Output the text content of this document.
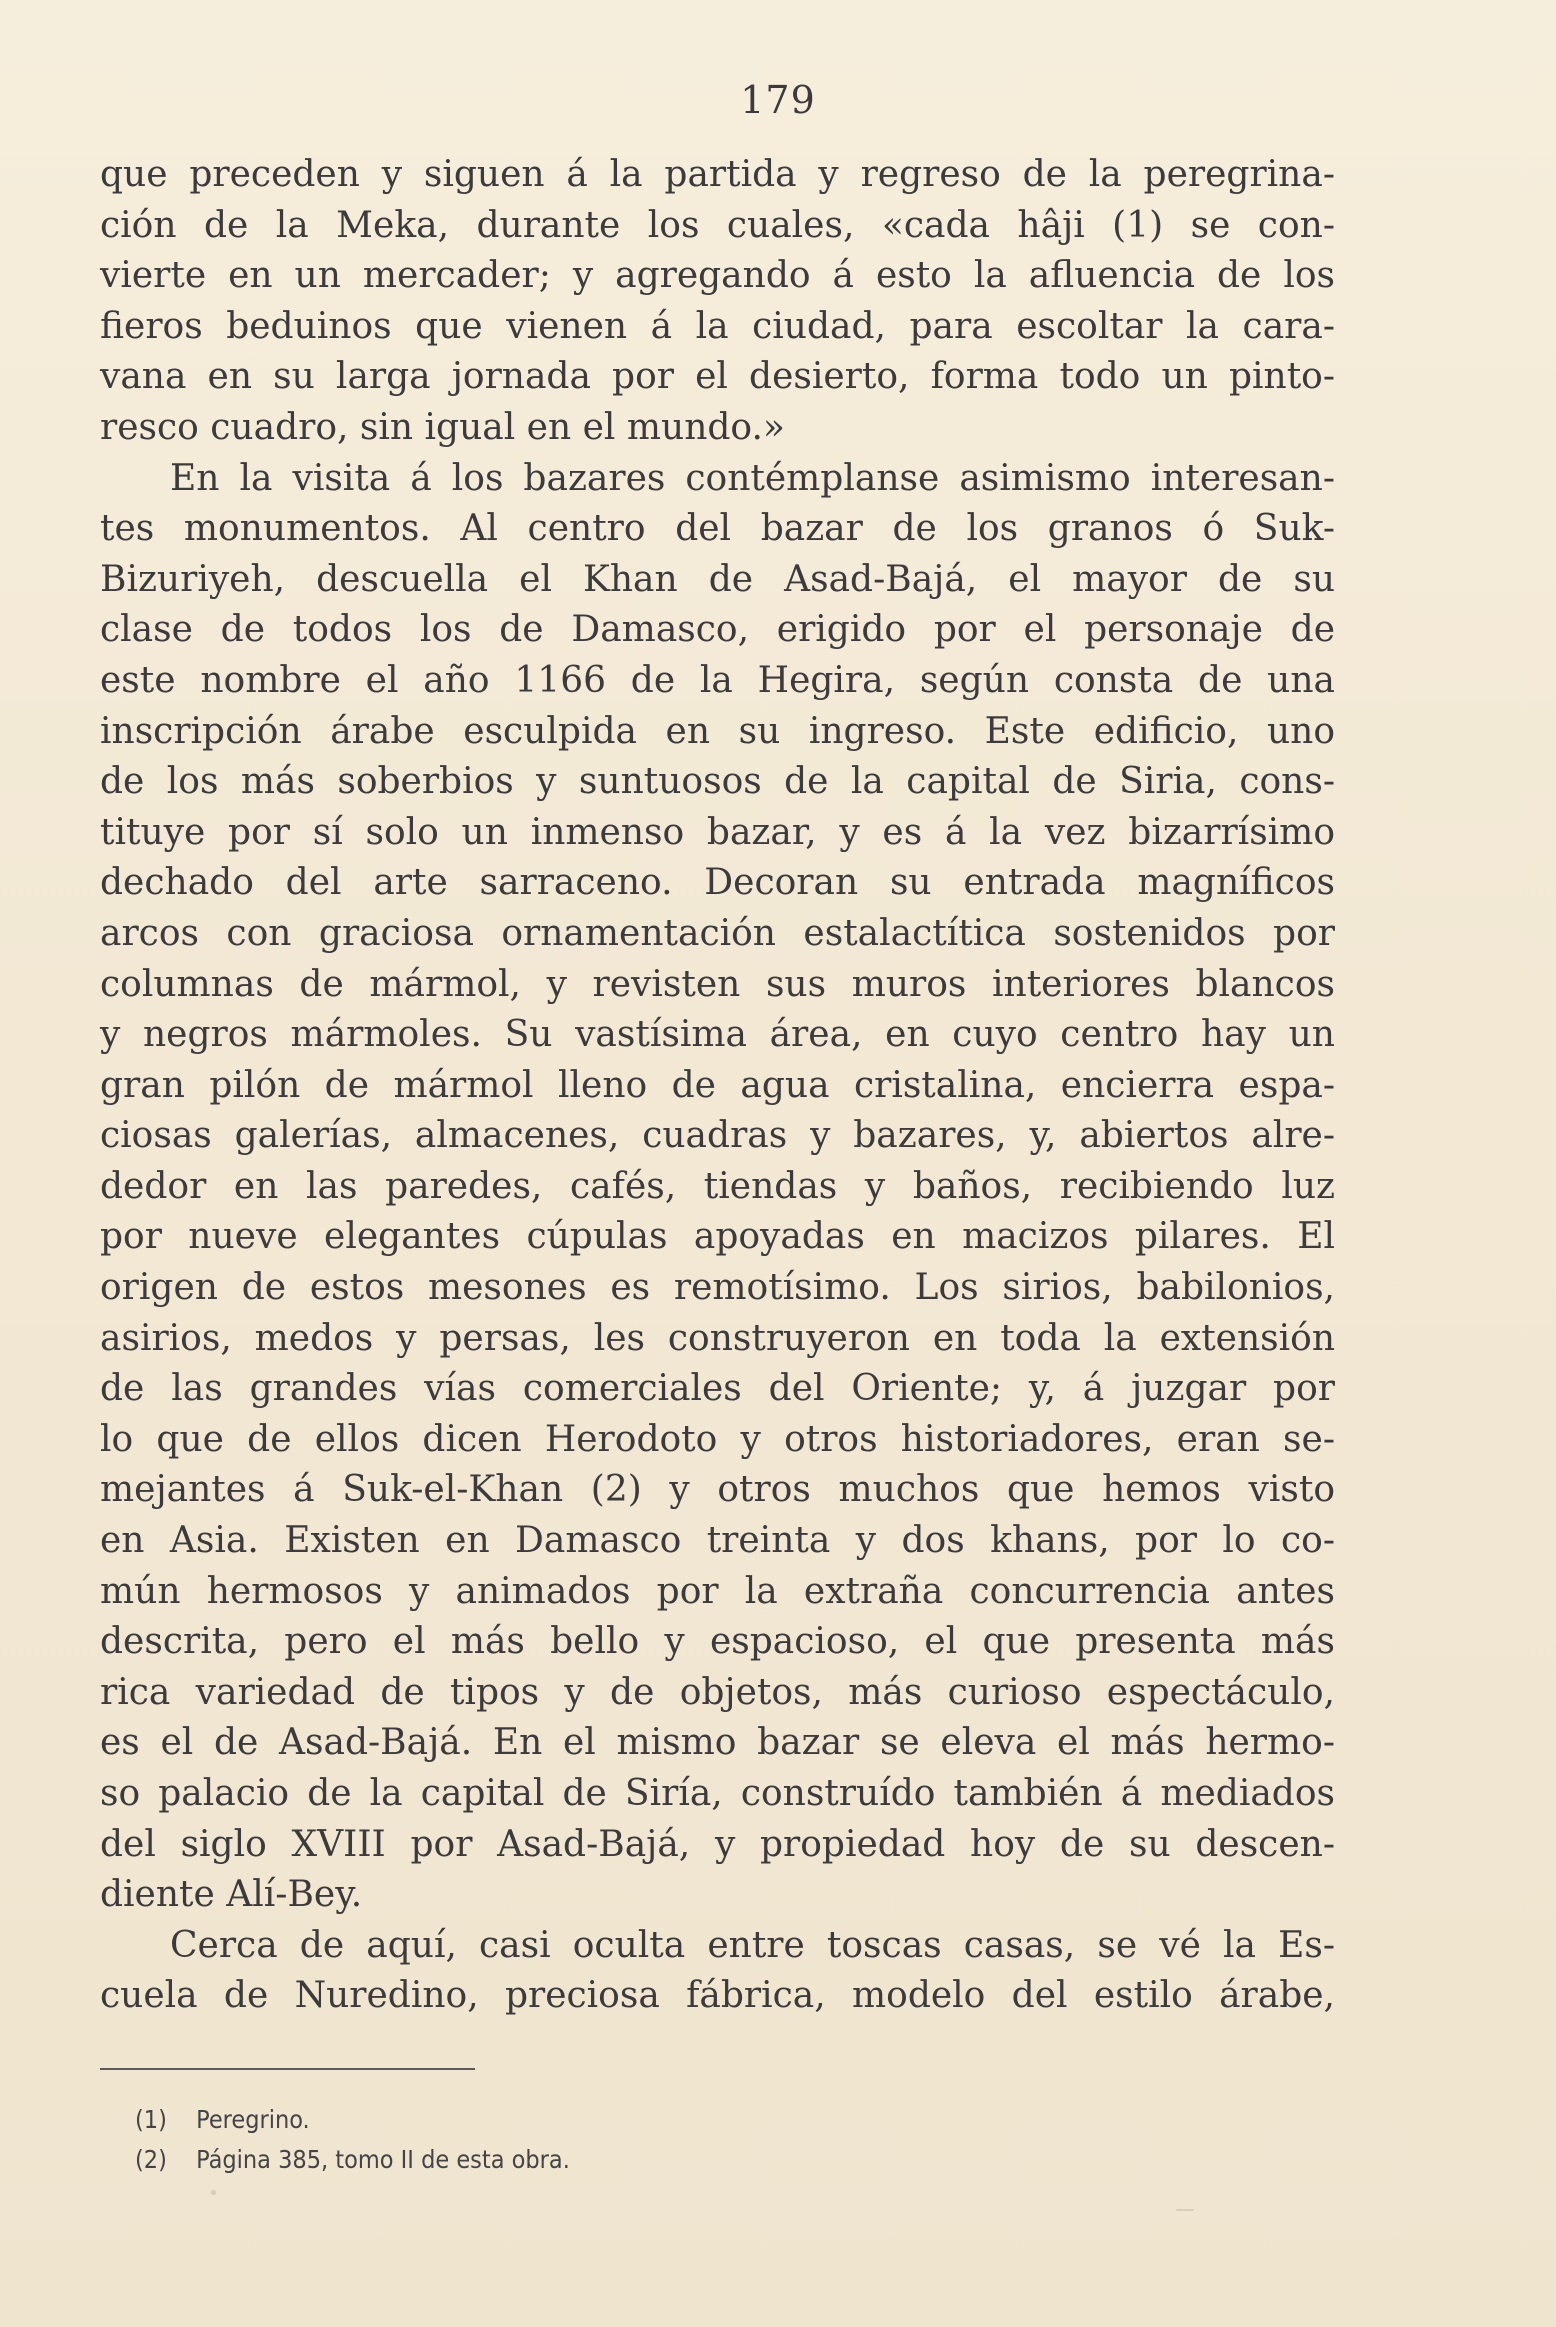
179
que preceden y siguen á la partida y regreso de la peregrina-
ción de la Meka, durante los cuales, «cada hâji (1) se con-
vierte en un mercader; y agregando á esto la afluencia de los
fieros beduinos que vienen á la ciudad, para escoltar la cara-
vana en su larga jornada por el desierto, forma todo un pinto-
resco cuadro, sin igual en el mundo.»
En la visita á los bazares contémplanse asimismo interesan-
tes monumentos. Al centro del bazar de los granos ó Suk-
Bizuriyeh, descuella el Khan de Asad-Bajá, el mayor de su
clase de todos los de Damasco, erigido por el personaje de
este nombre el año 1166 de la Hegira, según consta de una
inscripción árabe esculpida en su ingreso. Este edificio, uno
de los más soberbios y suntuosos de la capital de Siria, cons-
tituye por sí solo un inmenso bazar, y es á la vez bizarrísimo
dechado del arte sarraceno. Decoran su entrada magníficos
arcos con graciosa ornamentación estalactítica sostenidos por
columnas de mármol, y revisten sus muros interiores blancos
y negros mármoles. Su vastísima área, en cuyo centro hay un
gran pilón de mármol lleno de agua cristalina, encierra espa-
ciosas galerías, almacenes, cuadras y bazares, y, abiertos alre-
dedor en las paredes, cafés, tiendas y baños, recibiendo luz
por nueve elegantes cúpulas apoyadas en macizos pilares. El
origen de estos mesones es remotísimo. Los sirios, babilonios,
asirios, medos y persas, les construyeron en toda la extensión
de las grandes vías comerciales del Oriente; y, á juzgar por
lo que de ellos dicen Herodoto y otros historiadores, eran se-
mejantes á Suk-el-Khan (2) y otros muchos que hemos visto
en Asia. Existen en Damasco treinta y dos khans, por lo co-
mún hermosos y animados por la extraña concurrencia antes
descrita, pero el más bello y espacioso, el que presenta más
rica variedad de tipos y de objetos, más curioso espectáculo,
es el de Asad-Bajá. En el mismo bazar se eleva el más hermo-
so palacio de la capital de Siría, construído también á mediados
del siglo XVIII por Asad-Bajá, y propiedad hoy de su descen-
diente Alí-Bey.
Cerca de aquí, casi oculta entre toscas casas, se vé la Es-
cuela de Nuredino, preciosa fábrica, modelo del estilo árabe,
(1) Peregrino.
(2) Página 385, tomo II de esta obra.
